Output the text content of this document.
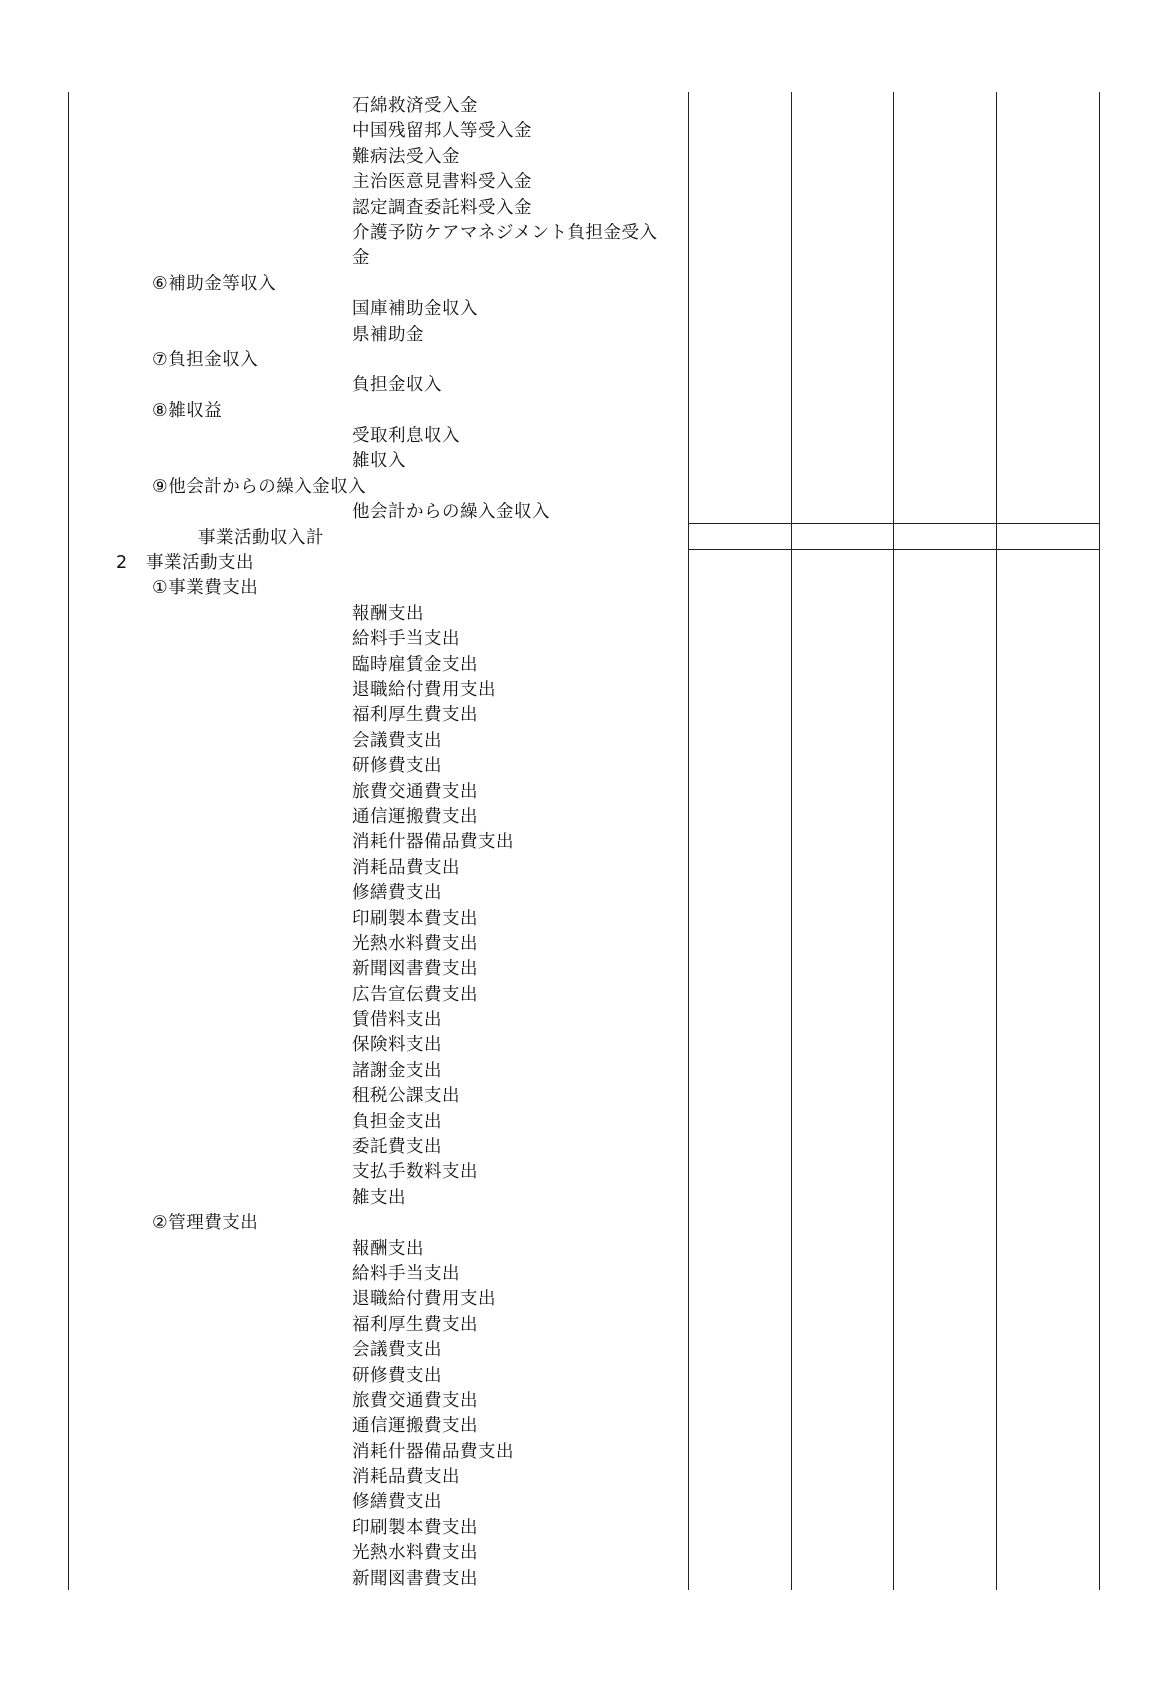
石綿救済受入金
中国残留邦人等受入金
難病法受入金
主治医意見書料受入金
認定調査委託料受入金
介護予防ケアマネジメント負担金受入
金
⑥補助金等収入
国庫補助金収入
県補助金
⑦負担金収入
負担金収入
⑧雑収益
受取利息収入
雑収入
⑨他会計からの繰入金収入
他会計からの繰入金収入
事業活動収入計
2 事業活動支出
①事業費支出
報酬支出
給料手当支出
臨時雇賃金支出
退職給付費用支出
福利厚生費支出
会議費支出
研修費支出
旅費交通費支出
通信運搬費支出
消耗什器備品費支出
消耗品費支出
修繕費支出
印刷製本費支出
光熱水料費支出
新聞図書費支出
広告宣伝費支出
賃借料支出
保険料支出
諸謝金支出
租税公課支出
負担金支出
委託費支出
支払手数料支出
雑支出
②管理費支出
報酬支出
給料手当支出
退職給付費用支出
福利厚生費支出
会議費支出
研修費支出
旅費交通費支出
通信運搬費支出
消耗什器備品費支出
消耗品費支出
修繕費支出
印刷製本費支出
光熱水料費支出
新聞図書費支出
